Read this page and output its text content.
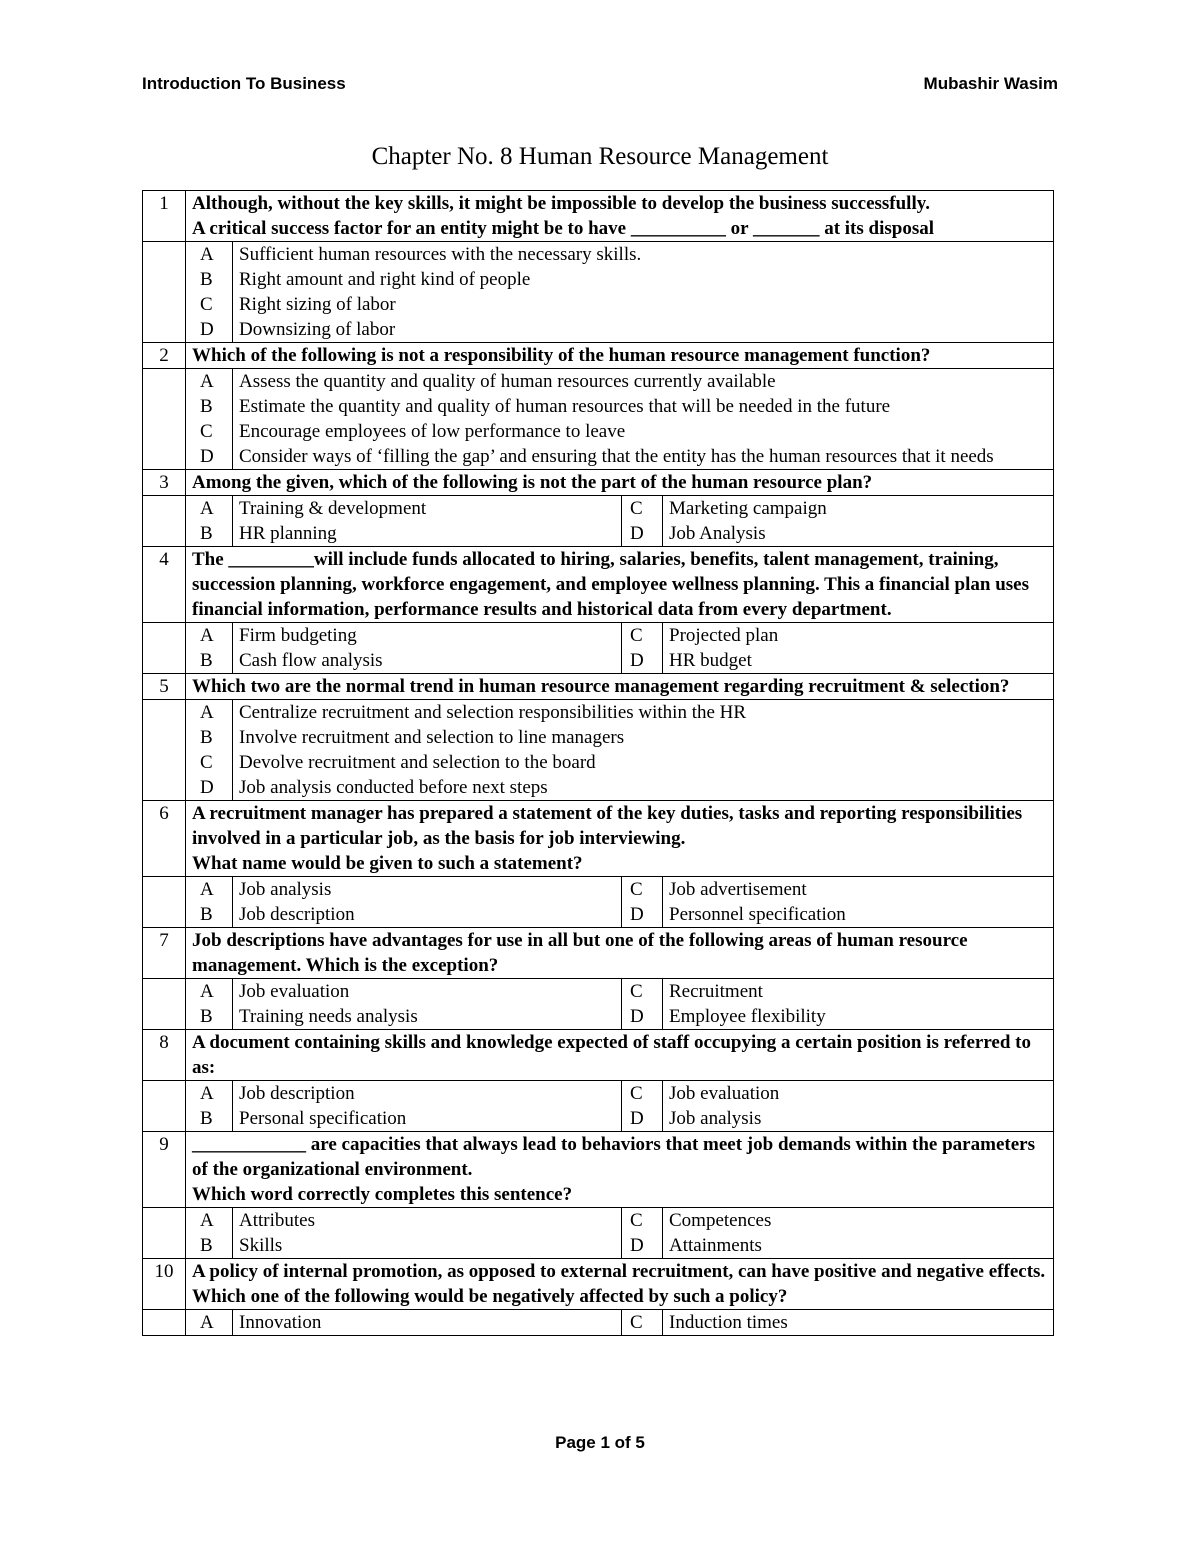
Introduction To Business	Mubashir Wasim
Chapter No. 8 Human Resource Management
1	Although, without the key skills, it might be impossible to develop the business successfully.
A critical success factor for an entity might be to have __________ or _______ at its disposal

A	Sufficient human resources with the necessary skills.
B	Right amount and right kind of people
C	Right sizing of labor
D	Downsizing of labor

2	Which of the following is not a responsibility of the human resource management function?

A	Assess the quantity and quality of human resources currently available
B	Estimate the quantity and quality of human resources that will be needed in the future
C	Encourage employees of low performance to leave
D	Consider ways of ‘filling the gap’ and ensuring that the entity has the human resources that it needs

3	Among the given, which of the following is not the part of the human resource plan?

A	Training & development	C	Marketing campaign
B	HR planning	D	Job Analysis

4	The _________will include funds allocated to hiring, salaries, benefits, talent management, training, succession planning, workforce engagement, and employee wellness planning. This a financial plan uses financial information, performance results and historical data from every department.

A	Firm budgeting	C	Projected plan
B	Cash flow analysis	D	HR budget

5	Which two are the normal trend in human resource management regarding recruitment & selection?

A	Centralize recruitment and selection responsibilities within the HR
B	Involve recruitment and selection to line managers
C	Devolve recruitment and selection to the board
D	Job analysis conducted before next steps

6	A recruitment manager has prepared a statement of the key duties, tasks and reporting responsibilities involved in a particular job, as the basis for job interviewing.
What name would be given to such a statement?

A	Job analysis	C	Job advertisement
B	Job description	D	Personnel specification

7	Job descriptions have advantages for use in all but one of the following areas of human resource management. Which is the exception?

A	Job evaluation	C	Recruitment
B	Training needs analysis	D	Employee flexibility

8	A document containing skills and knowledge expected of staff occupying a certain position is referred to as:

A	Job description	C	Job evaluation
B	Personal specification	D	Job analysis

9	____________ are capacities that always lead to behaviors that meet job demands within the parameters of the organizational environment.
Which word correctly completes this sentence?

A	Attributes	C	Competences
B	Skills	D	Attainments

10	A policy of internal promotion, as opposed to external recruitment, can have positive and negative effects. Which one of the following would be negatively affected by such a policy?

A	Innovation	C	Induction times
Page 1 of 5
